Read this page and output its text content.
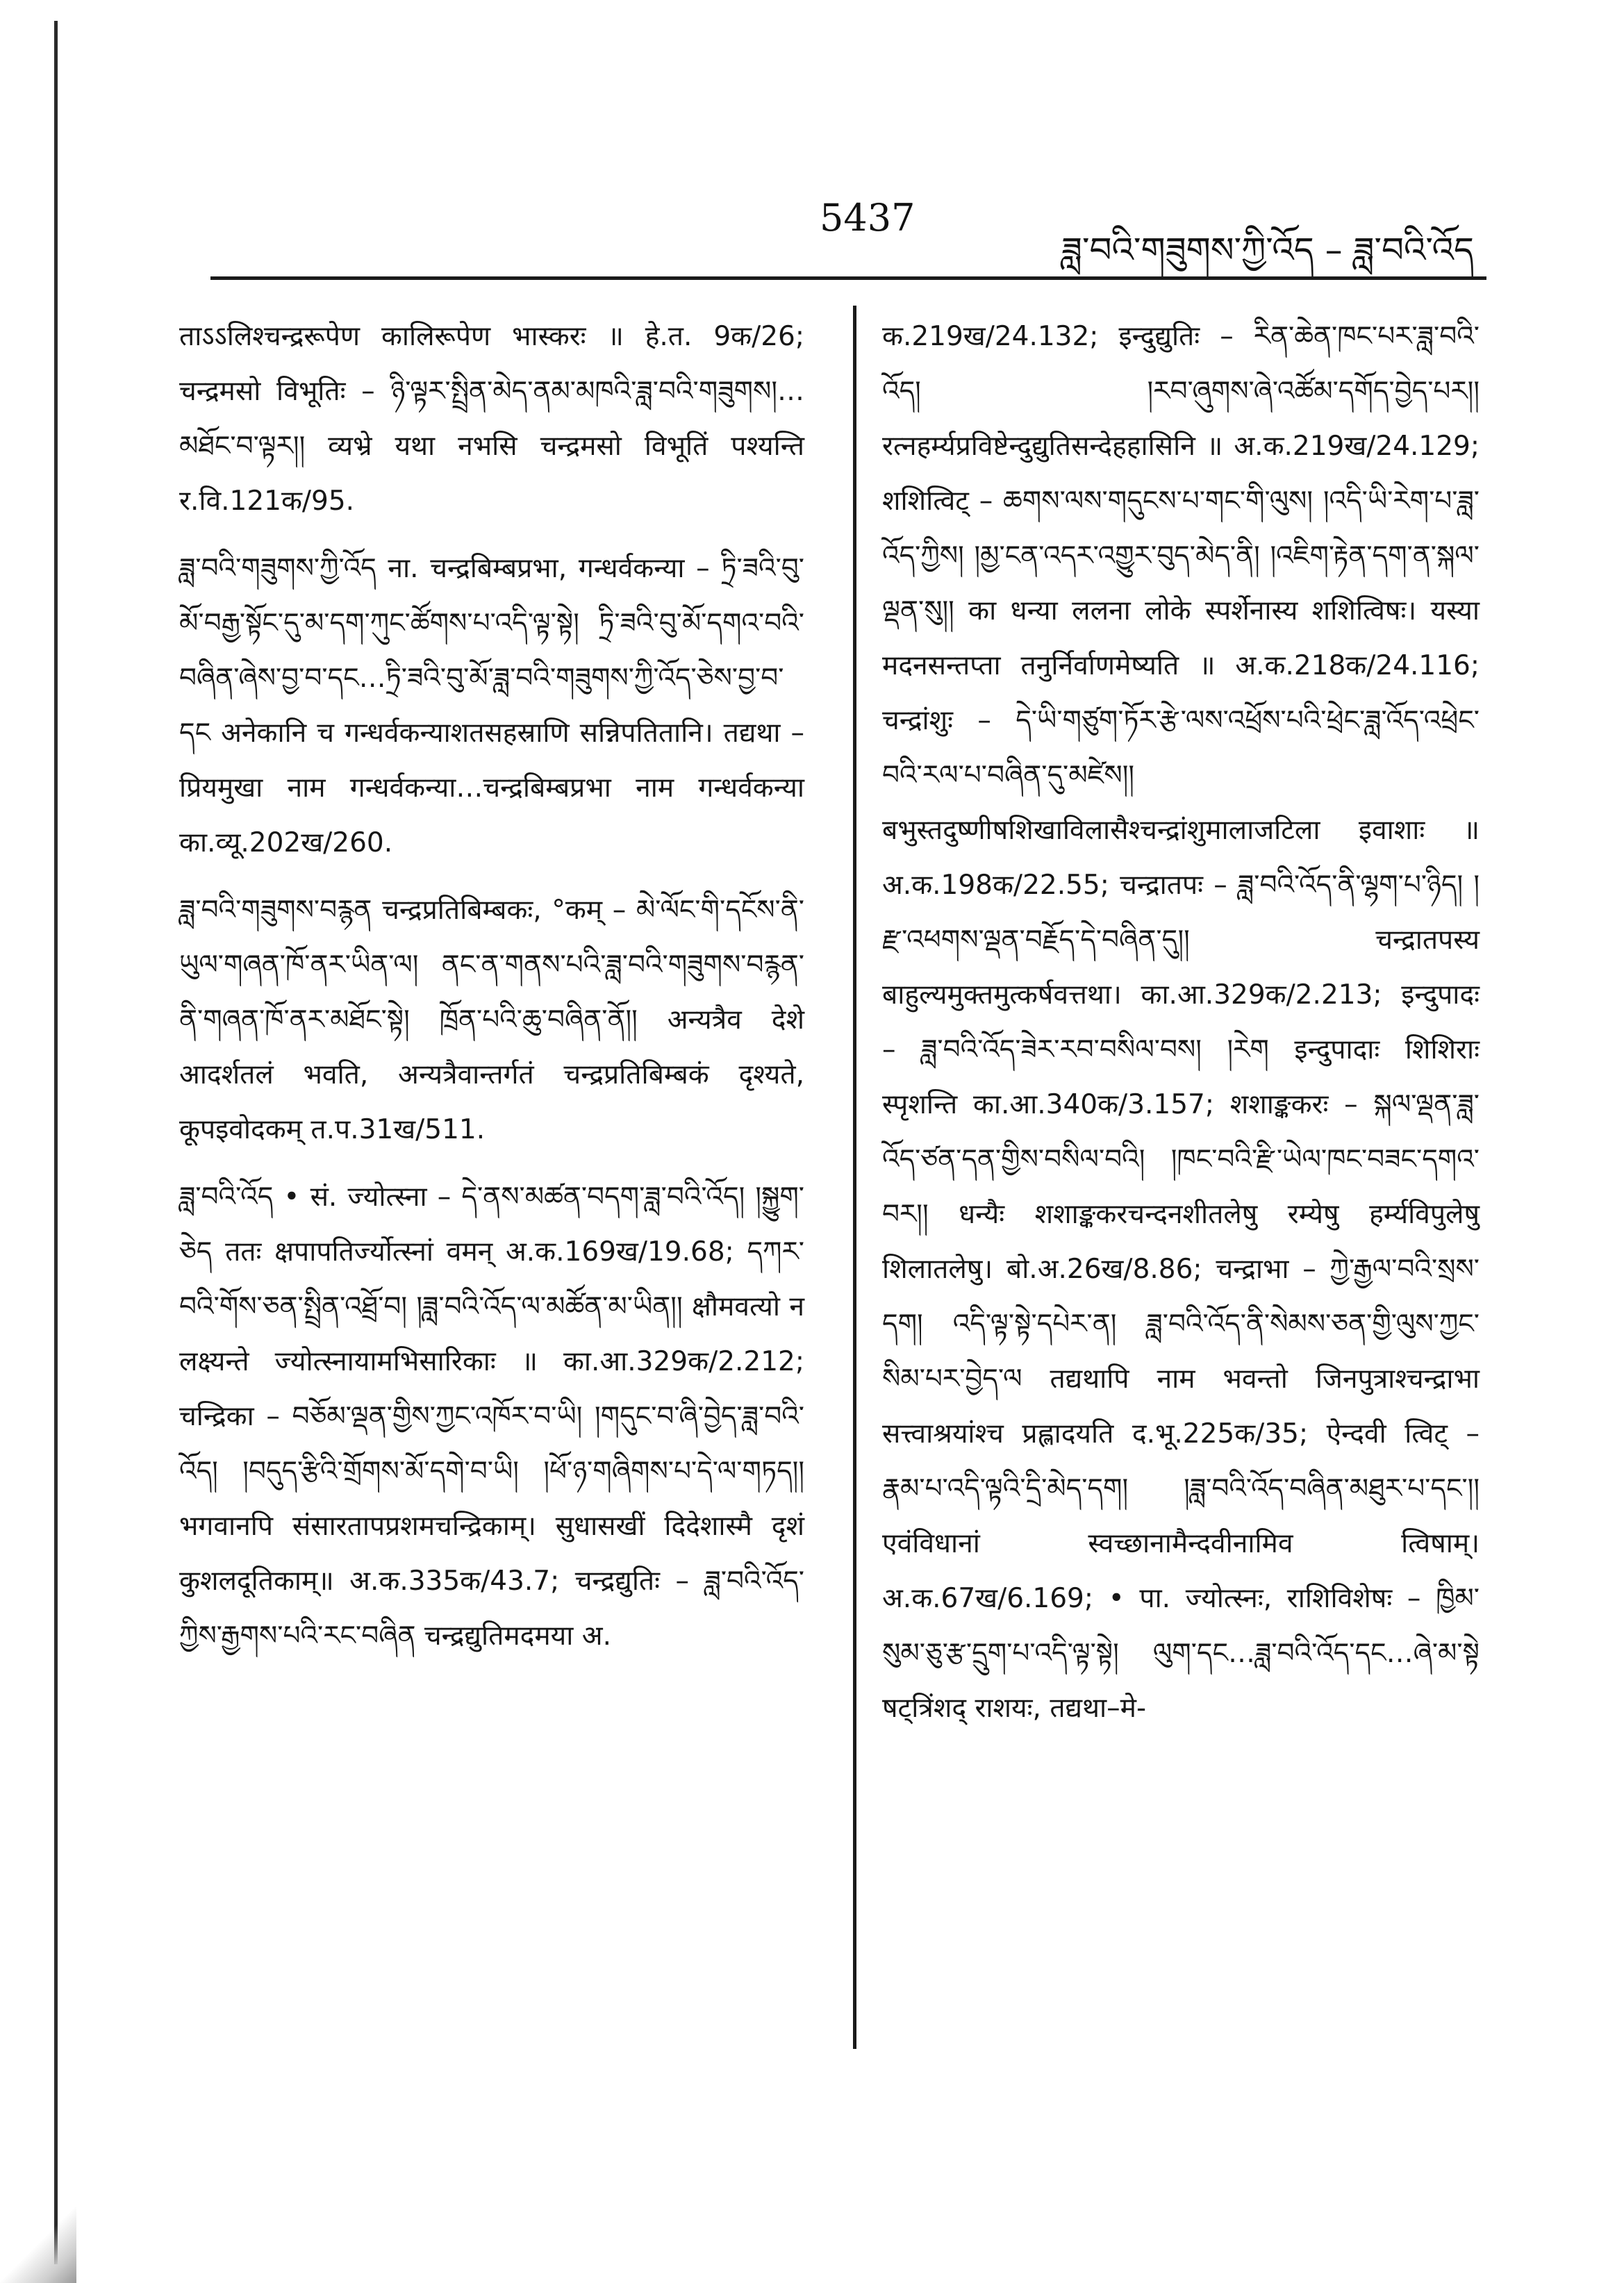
5437
ཟླ་བའི་གཟུགས་ཀྱི་འོད – ཟླ་བའི་འོད

ताऽऽलिश्चन्द्ररूपेण कालिरूपेण भास्करः ॥ हे.त. 9क/26; चन्द्रमसो विभूतिः – ཉི་ལྟར་སྤྲིན་མེད་ནམ་མཁའི་ཟླ་བའི་གཟུགས།… མཐོང་བ་ལྟར།། व्यभ्रे यथा नभसि चन्द्रमसो विभूतिं पश्यन्ति र.वि.121क/95.

ཟླ་བའི་གཟུགས་ཀྱི་འོད ना. चन्द्रबिम्बप्रभा, गन्धर्वकन्या – ཏྲི་ཟའི་བུ་མོ་བརྒྱ་སྟོང་དུ་མ་དག་ཀུང་ཚོགས་པ་འདི་ལྟ་སྟེ། ཏྲི་ཟའི་བུ་མོ་དགའ་བའི་བཞིན་ཞེས་བྱ་བ་དང…ཏྲི་ཟའི་བུ་མོ་ཟླ་བའི་གཟུགས་ཀྱི་འོད་ཅེས་བྱ་བ་དང अनेकानि च गन्धर्वकन्याशतसहस्राणि सन्निपतितानि। तद्यथा – प्रियमुखा नाम गन्धर्वकन्या…चन्द्रबिम्बप्रभा नाम गन्धर्वकन्या का.व्यू.202ख/260.

ཟླ་བའི་གཟུགས་བརྙན चन्द्रप्रतिबिम्बकः, °कम् – མེ་ལོང་གི་དངོས་ནི་ཡུལ་གཞན་ཁོ་ནར་ཡིན་ལ། ནང་ན་གནས་པའི་ཟླ་བའི་གཟུགས་བརྙན་ནི་གཞན་ཁོ་ནར་མཐོང་སྟེ། ཁྲོན་པའི་ཆུ་བཞིན་ནོ།། अन्यत्रैव देशे आदर्शतलं भवति, अन्यत्रैवान्तर्गतं चन्द्रप्रतिबिम्बकं दृश्यते, कूपइवोदकम् त.प.31ख/511.

ཟླ་བའི་འོད • सं. ज्योत्स्ना – དེ་ནས་མཚན་བདག་ཟླ་བའི་འོད། །སྐྱུག་ཅེད ततः क्षपापतिर्ज्योत्स्नां वमन् अ.क.169ख/19.68; དཀར་བའི་གོས་ཅན་སྤྲིན་འཐྲོ་བ། །ཟླ་བའི་འོད་ལ་མཚོན་མ་ཡིན།། क्षौमवत्यो न लक्ष्यन्ते ज्योत्स्नायामभिसारिकाः ॥ का.आ.329क/2.212; चन्द्रिका – བཅོམ་ལྡན་གྱིས་ཀྱང་འཁོར་བ་ཡི། །གདུང་བ་ཞི་བྱེད་ཟླ་བའི་འོད། །བདུད་རྩིའི་གྲོགས་མོ་དགེ་བ་ཡི། །ཕོ་ཉ་གཞིགས་པ་དེ་ལ་གཏད།། भगवानपि संसारतापप्रशमचन्द्रिकाम्। सुधासखीं दिदेशास्मै दृशं कुशलदूतिकाम्॥ अ.क.335क/43.7; चन्द्रद्युतिः – ཟླ་བའི་འོད་ཀྱིས་རྒྱགས་པའི་རང་བཞིན चन्द्रद्युतिमदमया अ.

क.219ख/24.132; इन्दुद्युतिः – རིན་ཆེན་ཁང་པར་ཟླ་བའི་འོད། །རབ་ཞུགས་ཞེ་འཚོམ་དགོད་བྱེད་པར།། रत्नहर्म्यप्रविष्टेन्दुद्युतिसन्देहहासिनि ॥ अ.क.219ख/24.129; शशित्विट् – ཆགས་ལས་གདུངས་པ་གང་གི་ལུས། །འདི་ཡི་རེག་པ་ཟླ་འོད་ཀྱིས། །མྱ་ངན་འདར་འགྱུར་བུད་མེད་ནི། །འཇིག་རྟེན་དག་ན་སྐལ་ལྡན་སུ།། का धन्या ललना लोके स्पर्शेनास्य शशित्विषः। यस्या मदनसन्तप्ता तनुर्निर्वाणमेष्यति ॥ अ.क.218क/24.116; चन्द्रांशुः – དེ་ཡི་གཙུག་ཏོར་རྩེ་ལས་འཕྲོས་པའི་ཕྲེང་ཟླ་འོད་འཕྲེང་བའི་རལ་པ་བཞིན་དུ་མཛེས།། बभुस्तदुष्णीषशिखाविलासैश्चन्द्रांशुमालाजटिला इवाशाः ॥ अ.क.198क/22.55; चन्द्रातपः – ཟླ་བའི་འོད་ནི་ལྷག་པ་ཉིད། །རྫ་འཕགས་ལྡན་བརྗོད་དེ་བཞིན་དུ།། चन्द्रातपस्य बाहुल्यमुक्तमुत्कर्षवत्तथा। का.आ.329क/2.213; इन्दुपादः – ཟླ་བའི་འོད་ཟེར་རབ་བསིལ་བས། །རེག इन्दुपादाः शिशिराः स्पृशन्ति का.आ.340क/3.157; शशाङ्ककरः – སྐལ་ལྡན་ཟླ་འོད་ཙན་དན་གྱིས་བསིལ་བའི། །ཁང་བའི་རྫི་ཡེལ་ཁང་བཟང་དགའ་བར།། धन्यैः शशाङ्ककरचन्दनशीतलेषु रम्येषु हर्म्यविपुलेषु शिलातलेषु। बो.अ.26ख/8.86; चन्द्राभा – ཀྱེ་རྒྱལ་བའི་སྲས་དག། འདི་ལྟ་སྟེ་དཔེར་ན། ཟླ་བའི་འོད་ནི་སེམས་ཅན་གྱི་ལུས་ཀྱང་སིམ་པར་བྱེད་ལ तद्यथापि नाम भवन्तो जिनपुत्राश्चन्द्राभा सत्त्वाश्रयांश्च प्रह्लादयति द.भू.225क/35; ऐन्दवी त्विट् – རྣམ་པ་འདི་ལྟའི་དྲི་མེད་དག། །ཟླ་བའི་འོད་བཞིན་མཐུར་པ་དང་།། एवंविधानां स्वच्छानामैन्दवीनामिव त्विषाम्। अ.क.67ख/6.169; • पा. ज्योत्स्नः, राशिविशेषः – ཁྱིམ་སུམ་ཅུ་རྩ་དྲུག་པ་འདི་ལྟ་སྟེ། ལུག་དང…ཟླ་བའི་འོད་དང…ཞེ་མ་སྟེ षट्त्रिंशद् राशयः, तद्यथा–मे-
